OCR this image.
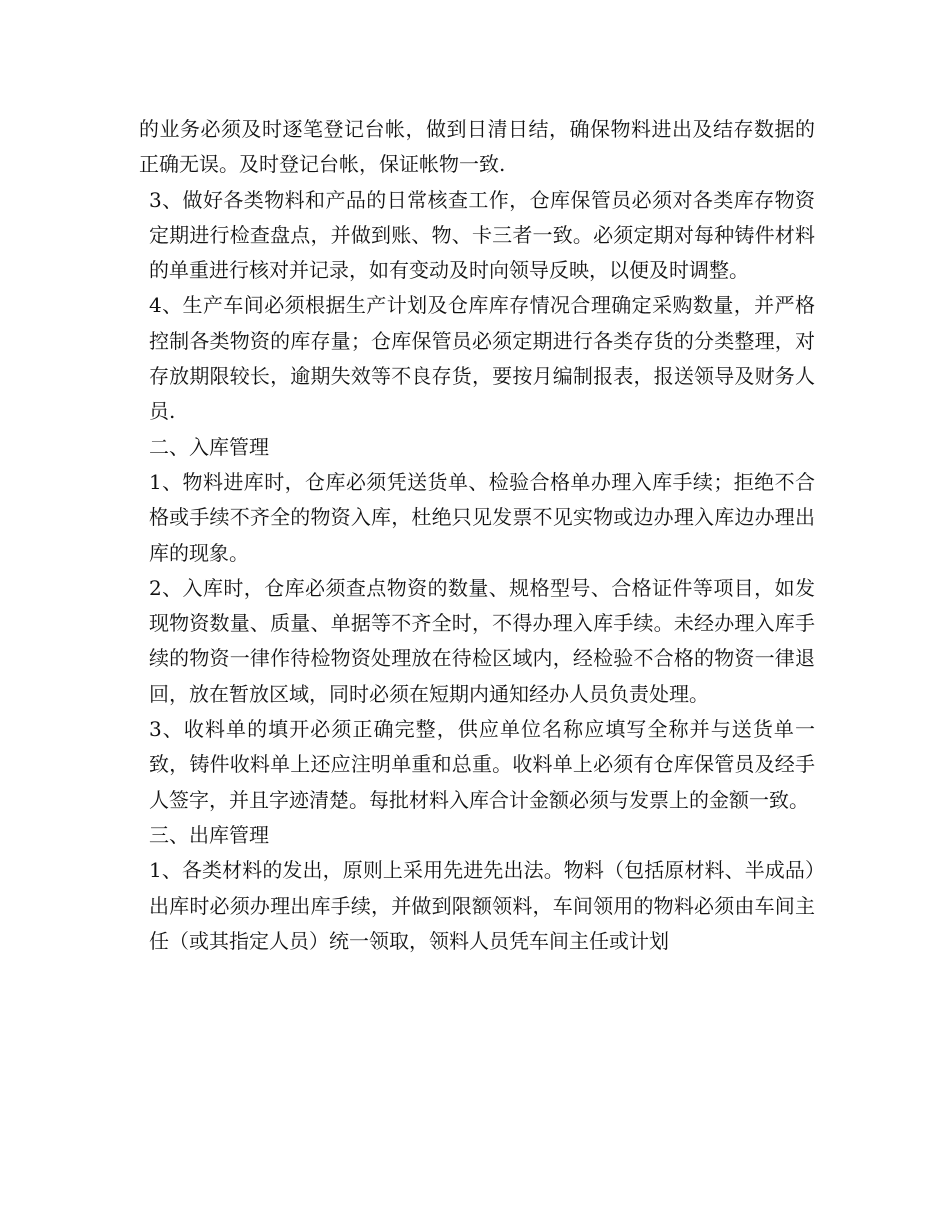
的业务必须及时逐笔登记台帐，做到日清日结，确保物料进出及结存数据的正确无误。及时登记台帐，保证帐物一致.

3、做好各类物料和产品的日常核查工作，仓库保管员必须对各类库存物资定期进行检查盘点，并做到账、物、卡三者一致。必须定期对每种铸件材料的单重进行核对并记录，如有变动及时向领导反映，以便及时调整。

4、生产车间必须根据生产计划及仓库库存情况合理确定采购数量，并严格控制各类物资的库存量；仓库保管员必须定期进行各类存货的分类整理，对存放期限较长，逾期失效等不良存货，要按月编制报表，报送领导及财务人员.

二、入库管理

1、物料进库时，仓库必须凭送货单、检验合格单办理入库手续；拒绝不合格或手续不齐全的物资入库，杜绝只见发票不见实物或边办理入库边办理出库的现象。

2、入库时，仓库必须查点物资的数量、规格型号、合格证件等项目，如发现物资数量、质量、单据等不齐全时，不得办理入库手续。未经办理入库手续的物资一律作待检物资处理放在待检区域内，经检验不合格的物资一律退回，放在暂放区域，同时必须在短期内通知经办人员负责处理。

3、收料单的填开必须正确完整，供应单位名称应填写全称并与送货单一致，铸件收料单上还应注明单重和总重。收料单上必须有仓库保管员及经手人签字，并且字迹清楚。每批材料入库合计金额必须与发票上的金额一致。

三、出库管理

1、各类材料的发出，原则上采用先进先出法。物料（包括原材料、半成品）出库时必须办理出库手续，并做到限额领料，车间领用的物料必须由车间主任（或其指定人员）统一领取，领料人员凭车间主任或计划
